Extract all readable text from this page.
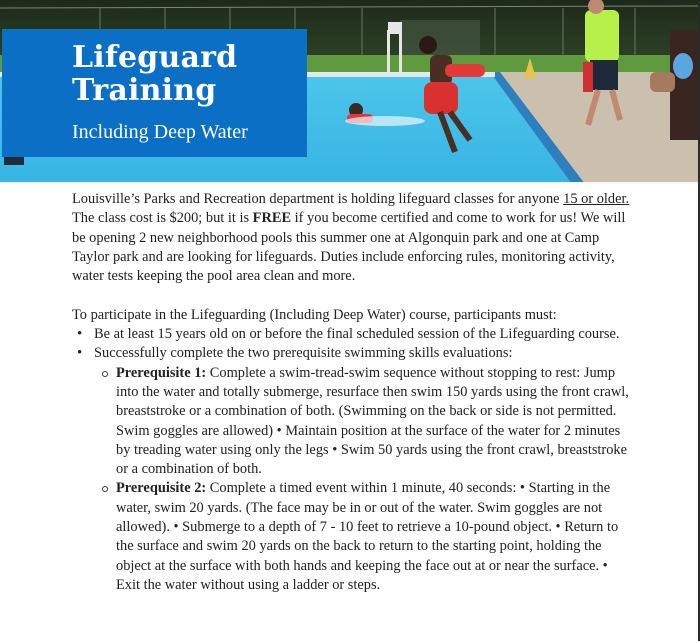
Lifeguard
Training
Including Deep Water

Louisville’s Parks and Recreation department is holding lifeguard classes for anyone 15 or older. The class cost is $200; but it is FREE if you become certified and come to work for us! We will be opening 2 new neighborhood pools this summer one at Algonquin park and one at Camp Taylor park and are looking for lifeguards. Duties include enforcing rules, monitoring activity, water tests keeping the pool area clean and more.

To participate in the Lifeguarding (Including Deep Water) course, participants must:

• Be at least 15 years old on or before the final scheduled session of the Lifeguarding course.
• Successfully complete the two prerequisite swimming skills evaluations:
Prerequisite 1: Complete a swim-tread-swim sequence without stopping to rest: Jump into the water and totally submerge, resurface then swim 150 yards using the front crawl, breaststroke or a combination of both. (Swimming on the back or side is not permitted. Swim goggles are allowed) • Maintain position at the surface of the water for 2 minutes by treading water using only the legs • Swim 50 yards using the front crawl, breaststroke or a combination of both.
Prerequisite 2: Complete a timed event within 1 minute, 40 seconds: • Starting in the water, swim 20 yards. (The face may be in or out of the water. Swim goggles are not allowed). • Submerge to a depth of 7 - 10 feet to retrieve a 10-pound object. • Return to the surface and swim 20 yards on the back to return to the starting point, holding the object at the surface with both hands and keeping the face out at or near the surface. • Exit the water without using a ladder or steps.
